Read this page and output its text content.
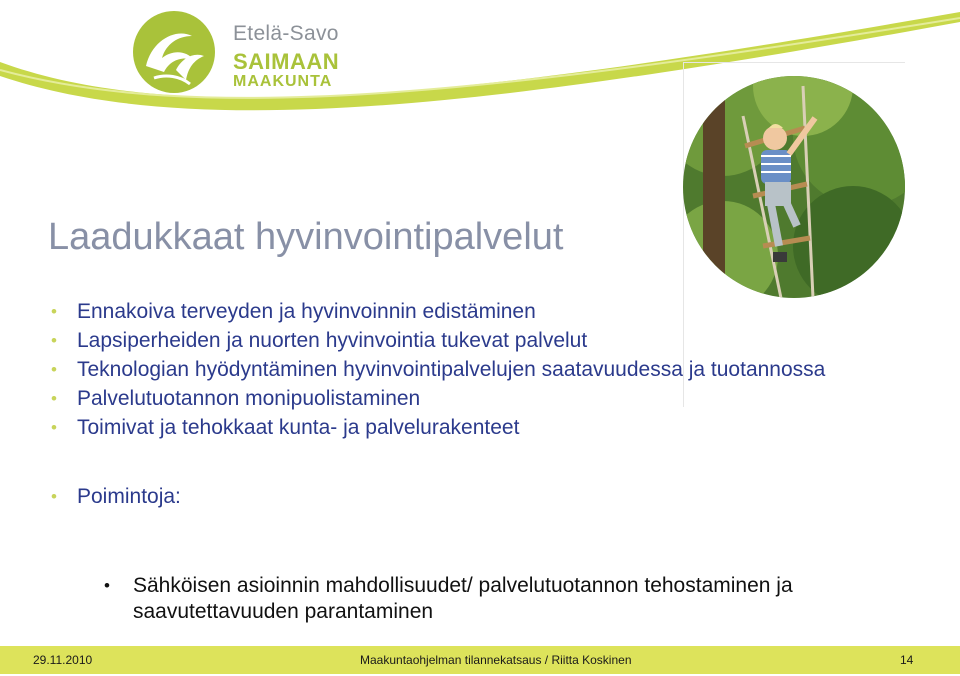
Etelä-Savo
SAIMAAN
MAAKUNTA
Laadukkaat hyvinvointipalvelut
• Ennakoiva terveyden ja hyvinvoinnin edistäminen
• Lapsiperheiden ja nuorten hyvinvointia tukevat palvelut
• Teknologian hyödyntäminen hyvinvointipalvelujen saatavuudessa ja tuotannossa
• Palvelutuotannon monipuolistaminen
• Toimivat ja tehokkaat kunta- ja palvelurakenteet
• Poimintoja:
• Sähköisen asioinnin mahdollisuudet/ palvelutuotannon tehostaminen ja saavutettavuuden parantaminen
29.11.2010	Maakuntaohjelman tilannekatsaus / Riitta Koskinen	14
